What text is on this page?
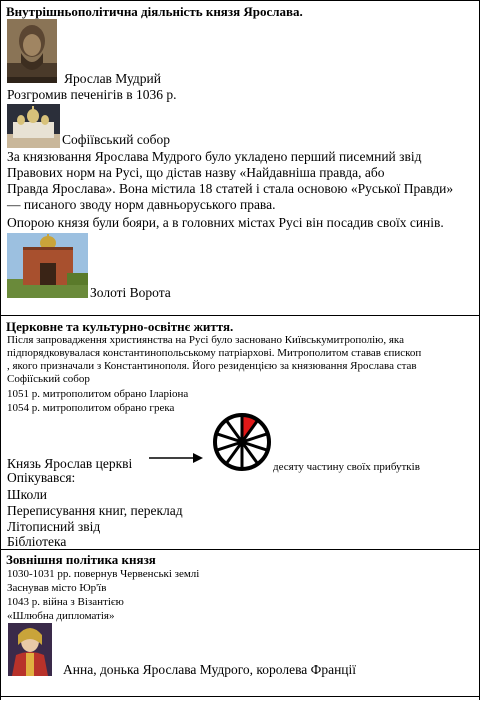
Внутрішньополітична діяльність князя Ярослава.
Ярослав Мудрий
Розгромив печенігів в 1036 р.
Софіївський собор
За князювання Ярослава Мудрого було укладено перший писемний звід
Правових норм на Русі, що дістав назву «Найдавніша правда, або
Правда Ярослава». Вона містила 18 статей і стала основою «Руської Правди»
— писаного зводу норм давньоруського права.
Опорою князя були бояри, а в головних містах Русі він посадив своїх синів.
Золоті Ворота
Церковне та культурно-освітнє життя.
Після запровадження християнства на Русі було засновано Київськумитрополію, яка
підпорядковувалася константинопольському патріархові. Митрополитом ставав єпископ
, якого призначали з Константинополя. Його резиденцією за князювання Ярослава став
Софіїський собор
1051 р. митрополитом обрано Іларіона
1054 р. митрополитом обрано грека
Князь Ярослав церкві	десяту частину своїх прибутків
Опікувався:
Школи
Переписування книг, переклад
Літописний звід
Бібліотека
Зовнішня політика князя
1030-1031 рр. повернув Червенські землі
Заснував місто Юр'їв
1043 р. війна з Візантією
«Шлюбна дипломатія»
Анна, донька Ярослава Мудрого, королева Франції
